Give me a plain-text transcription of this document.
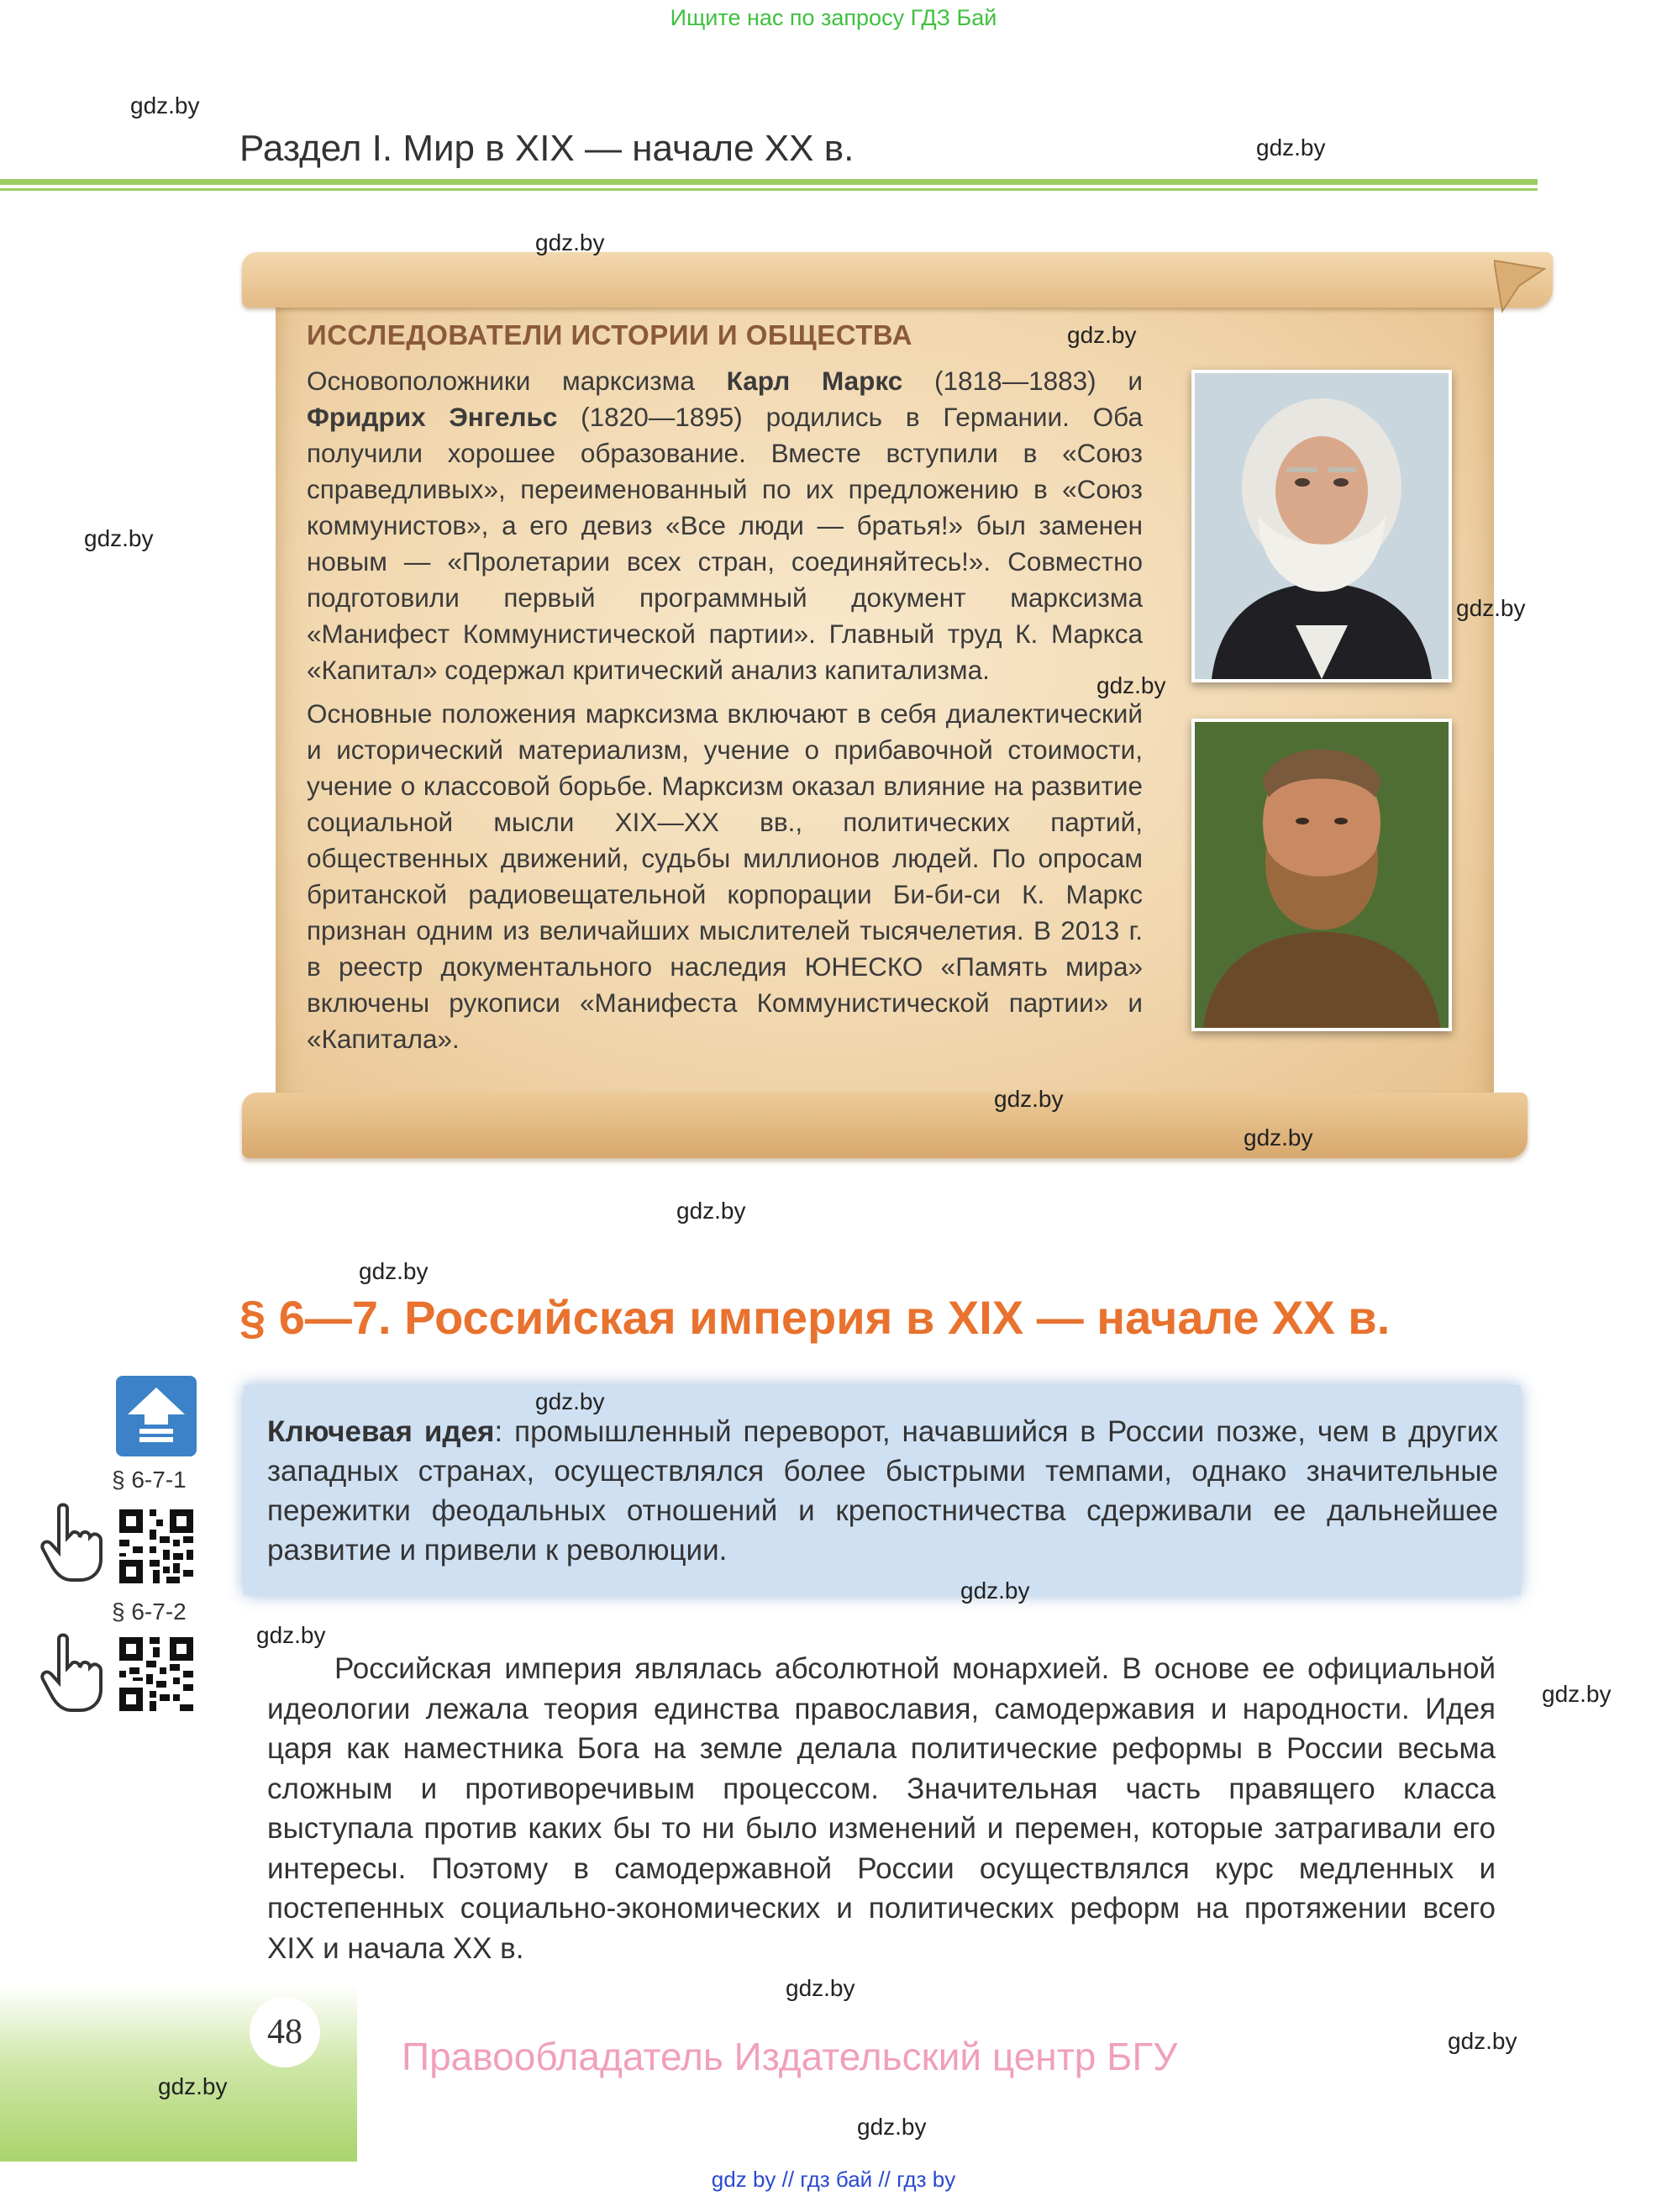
Ищите нас по запросу ГДЗ Бай
Раздел I. Мир в XIX — начале XX в.
ИССЛЕДОВАТЕЛИ ИСТОРИИ И ОБЩЕСТВА
Основоположники марксизма Карл Маркс (1818—1883) и Фридрих Энгельс (1820—1895) родились в Германии. Оба получили хорошее образование. Вместе вступили в «Союз справедливых», переименованный по их предложению в «Союз коммунистов», а его девиз «Все люди — братья!» был заменен новым — «Пролетарии всех стран, соединяйтесь!». Совместно подготовили первый программный документ марксизма «Манифест Коммунистической партии». Главный труд К. Маркса «Капитал» содержал критический анализ капитализма.
Основные положения марксизма включают в себя диалектический и исторический материализм, учение о прибавочной стоимости, учение о классовой борьбе. Марксизм оказал влияние на развитие социальной мысли XIX—XX вв., политических партий, общественных движений, судьбы миллионов людей. По опросам британской радиовещательной корпорации Би-би-си К. Маркс признан одним из величайших мыслителей тысячелетия. В 2013 г. в реестр документального наследия ЮНЕСКО «Память мира» включены рукописи «Манифеста Коммунистической партии» и «Капитала».
§ 6—7. Российская империя в XIX — начале XX в.
§ 6-7-1
§ 6-7-2
Ключевая идея: промышленный переворот, начавшийся в России позже, чем в других западных странах, осуществлялся более быстрыми темпами, однако значительные пережитки феодальных отношений и крепостничества сдерживали ее дальнейшее развитие и привели к революции.
Российская империя являлась абсолютной монархией. В основе ее официальной идеологии лежала теория единства православия, самодержавия и народности. Идея царя как наместника Бога на земле делала политические реформы в России весьма сложным и противоречивым процессом. Значительная часть правящего класса выступала против каких бы то ни было изменений и перемен, которые затрагивали его интересы. Поэтому в самодержавной России осуществлялся курс медленных и постепенных социально-экономических и политических реформ на протяжении всего XIX и начала XX в.
48
Правообладатель Издательский центр БГУ
gdz by // гдз бай // гдз by
gdz.by
gdz.by
gdz.by
gdz.by
gdz.by
gdz.by
gdz.by
gdz.by
gdz.by
gdz.by
gdz.by
gdz.by
gdz.by
gdz.by
gdz.by
gdz.by
gdz.by
gdz.by
gdz.by
